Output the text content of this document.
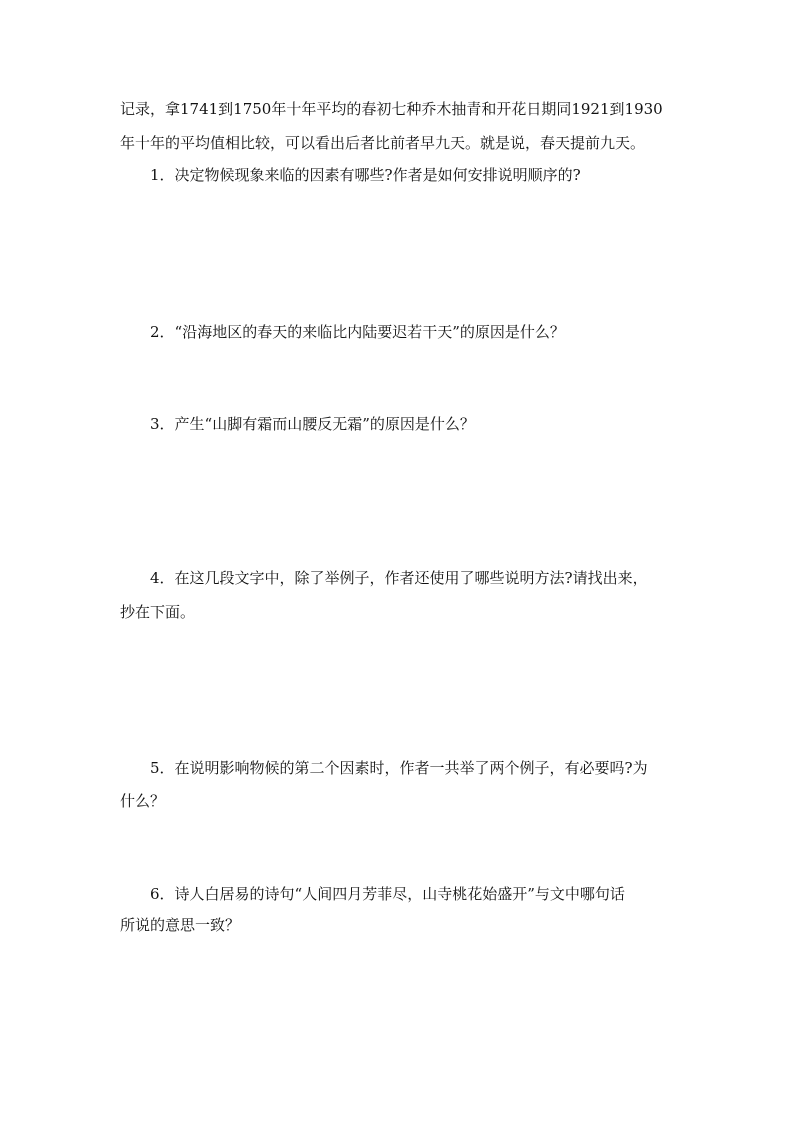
记录，拿1741到1750年十年平均的春初七种乔木抽青和开花日期同1921到1930
年十年的平均值相比较，可以看出后者比前者早九天。就是说，春天提前九天。
1．决定物候现象来临的因素有哪些?作者是如何安排说明顺序的?
2．“沿海地区的春天的来临比内陆要迟若干天”的原因是什么？
3．产生“山脚有霜而山腰反无霜”的原因是什么？
4．在这几段文字中，除了举例子，作者还使用了哪些说明方法?请找出来，
抄在下面。
5．在说明影响物候的第二个因素时，作者一共举了两个例子，有必要吗?为
什么？
6．诗人白居易的诗句“人间四月芳菲尽，山寺桃花始盛开”与文中哪句话
所说的意思一致？
